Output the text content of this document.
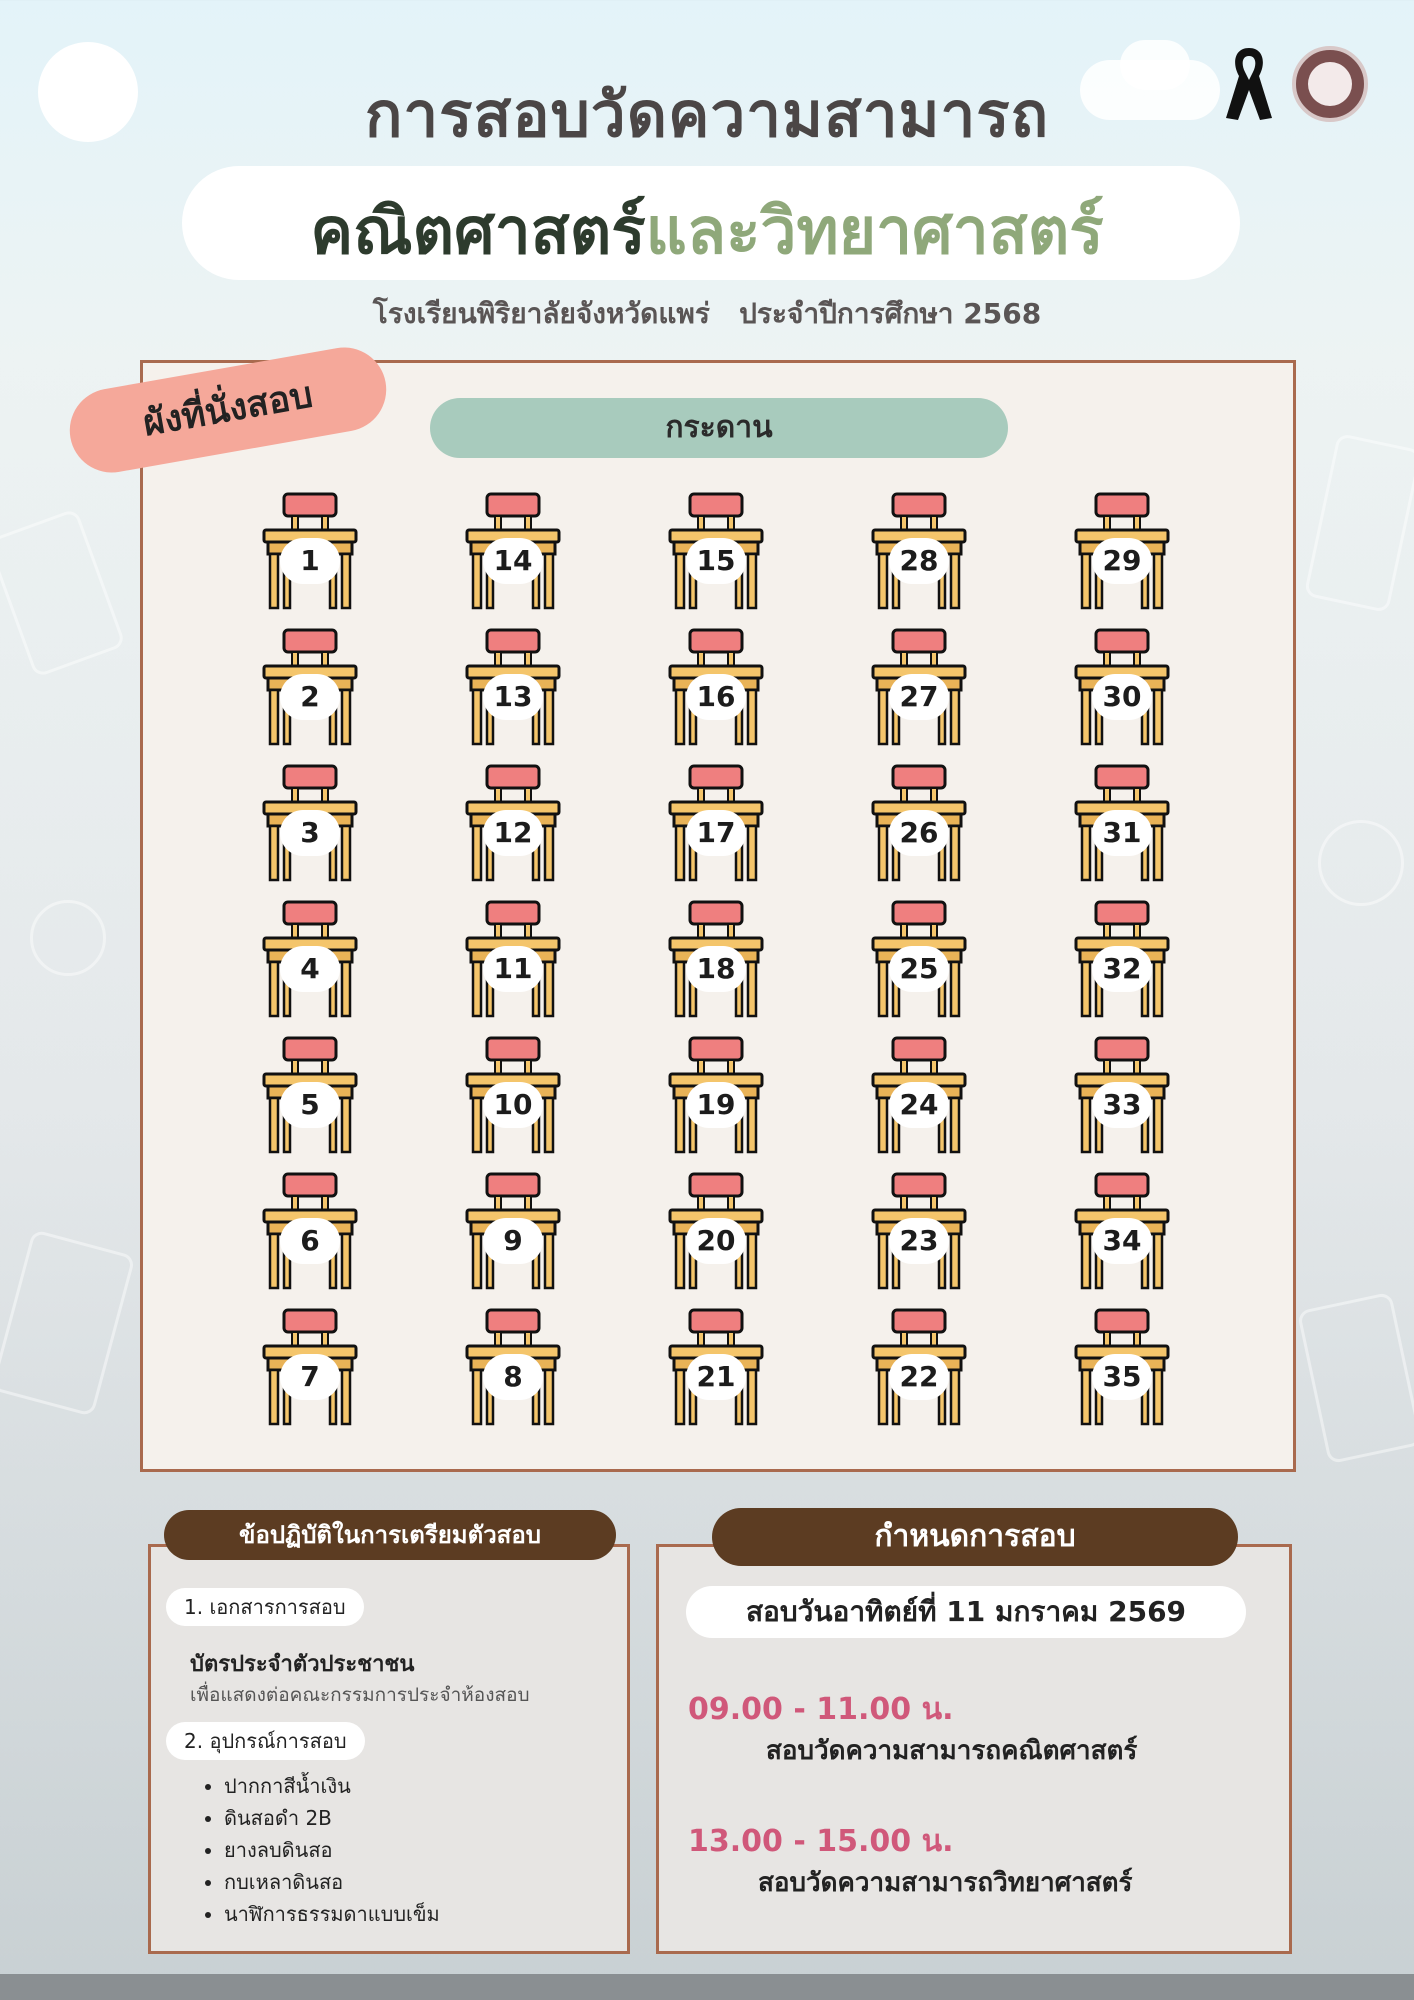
การสอบวัดความสามารถ
คณิตศาสตร์และวิทยาศาสตร์
โรงเรียนพิริยาลัยจังหวัดแพร่   ประจำปีการศึกษา 2568
ผังที่นั่งสอบ	กระดาน
1
2
3
4
5
6
7
14
13
12
11
10
9
8
15
16
17
18
19
20
21
28
27
26
25
24
23
22
29
30
31
32
33
34
35
ข้อปฏิบัติในการเตรียมตัวสอบ
1. เอกสารการสอบ
บัตรประจำตัวประชาชน
เพื่อแสดงต่อคณะกรรมการประจำห้องสอบ
2. อุปกรณ์การสอบ
• ปากกาสีน้ำเงิน
• ดินสอดำ 2B
• ยางลบดินสอ
• กบเหลาดินสอ
• นาฬิการธรรมดาแบบเข็ม
กำหนดการสอบ
สอบวันอาทิตย์ที่ 11 มกราคม 2569
09.00 - 11.00 น.
สอบวัดความสามารถคณิตศาสตร์
13.00 - 15.00 น.
สอบวัดความสามารถวิทยาศาสตร์
